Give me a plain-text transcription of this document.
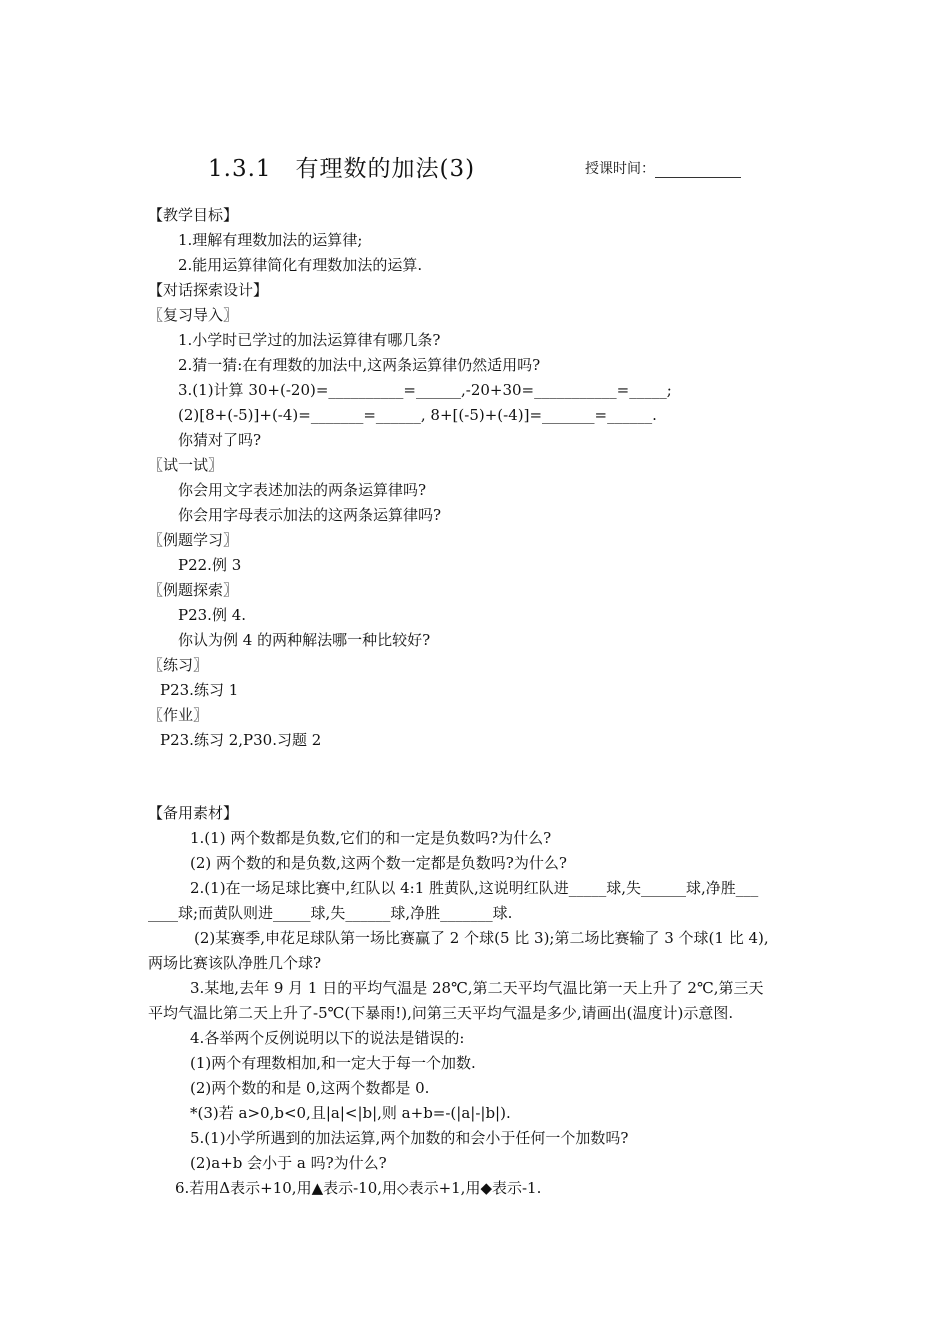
1.3.1　有理数的加法(3)	授课时间：
【教学目标】
1.理解有理数加法的运算律;
2.能用运算律简化有理数加法的运算.
【对话探索设计】
〖复习导入〗
1.小学时已学过的加法运算律有哪几条?
2.猜一猜:在有理数的加法中,这两条运算律仍然适用吗?
3.(1)计算 30+(-20)=__________=______,-20+30=___________=_____;
(2)[8+(-5)]+(-4)=_______=______, 8+[(-5)+(-4)]=_______=______.
你猜对了吗?
〖试一试〗
你会用文字表述加法的两条运算律吗?
你会用字母表示加法的这两条运算律吗?
〖例题学习〗
P22.例 3
〖例题探索〗
P23.例 4.
你认为例 4 的两种解法哪一种比较好?
〖练习〗
P23.练习 1
〖作业〗
P23.练习 2,P30.习题 2
【备用素材】
1.(1) 两个数都是负数,它们的和一定是负数吗?为什么?
(2) 两个数的和是负数,这两个数一定都是负数吗?为什么?
2.(1)在一场足球比赛中,红队以 4:1 胜黄队,这说明红队进_____球,失______球,净胜___
____球;而黄队则进_____球,失______球,净胜_______球.
(2)某赛季,申花足球队第一场比赛赢了 2 个球(5 比 3);第二场比赛输了 3 个球(1 比 4),
两场比赛该队净胜几个球?
3.某地,去年 9 月 1 日的平均气温是 28℃,第二天平均气温比第一天上升了 2℃,第三天
平均气温比第二天上升了-5℃(下暴雨!),问第三天平均气温是多少,请画出(温度计)示意图.
4.各举两个反例说明以下的说法是错误的:
(1)两个有理数相加,和一定大于每一个加数.
(2)两个数的和是 0,这两个数都是 0.
*(3)若 a>0,b<0,且|a|<|b|,则 a+b=-(|a|-|b|).
5.(1)小学所遇到的加法运算,两个加数的和会小于任何一个加数吗?
(2)a+b 会小于 a 吗?为什么?
6.若用Δ表示+10,用▲表示-10,用◇表示+1,用◆表示-1.
